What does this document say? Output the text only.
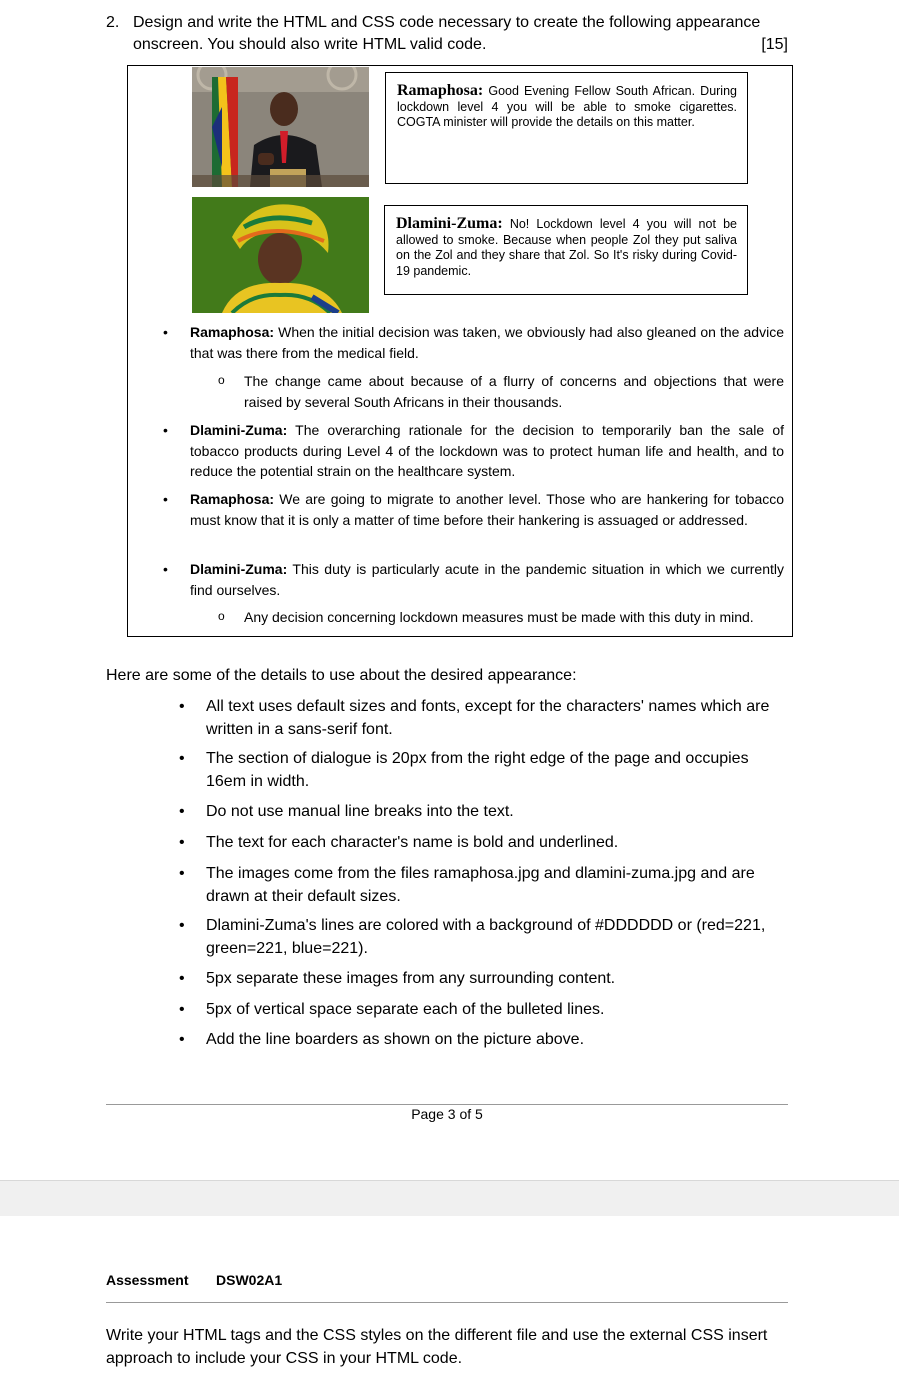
2. Design and write the HTML and CSS code necessary to create the following appearance onscreen. You should also write HTML valid code.	[15]
Ramaphosa: Good Evening Fellow South African. During lockdown level 4 you will be able to smoke cigarettes. COGTA minister will provide the details on this matter.
Dlamini-Zuma: No! Lockdown level 4 you will not be allowed to smoke. Because when people Zol they put saliva on the Zol and they share that Zol. So It's risky during Covid-19 pandemic.
• Ramaphosa: When the initial decision was taken, we obviously had also gleaned on the advice that was there from the medical field.
o The change came about because of a flurry of concerns and objections that were raised by several South Africans in their thousands.
• Dlamini-Zuma: The overarching rationale for the decision to temporarily ban the sale of tobacco products during Level 4 of the lockdown was to protect human life and health, and to reduce the potential strain on the healthcare system.
• Ramaphosa: We are going to migrate to another level. Those who are hankering for tobacco must know that it is only a matter of time before their hankering is assuaged or addressed.
• Dlamini-Zuma: This duty is particularly acute in the pandemic situation in which we currently find ourselves.
o Any decision concerning lockdown measures must be made with this duty in mind.
Here are some of the details to use about the desired appearance:
• All text uses default sizes and fonts, except for the characters' names which are written in a sans-serif font.
• The section of dialogue is 20px from the right edge of the page and occupies 16em in width.
• Do not use manual line breaks into the text.
• The text for each character's name is bold and underlined.
• The images come from the files ramaphosa.jpg and dlamini-zuma.jpg and are drawn at their default sizes.
• Dlamini-Zuma's lines are colored with a background of #DDDDDD or (red=221, green=221, blue=221).
• 5px separate these images from any surrounding content.
• 5px of vertical space separate each of the bulleted lines.
• Add the line boarders as shown on the picture above.
Page 3 of 5
Assessment DSW02A1
Write your HTML tags and the CSS styles on the different file and use the external CSS insert approach to include your CSS in your HTML code.
